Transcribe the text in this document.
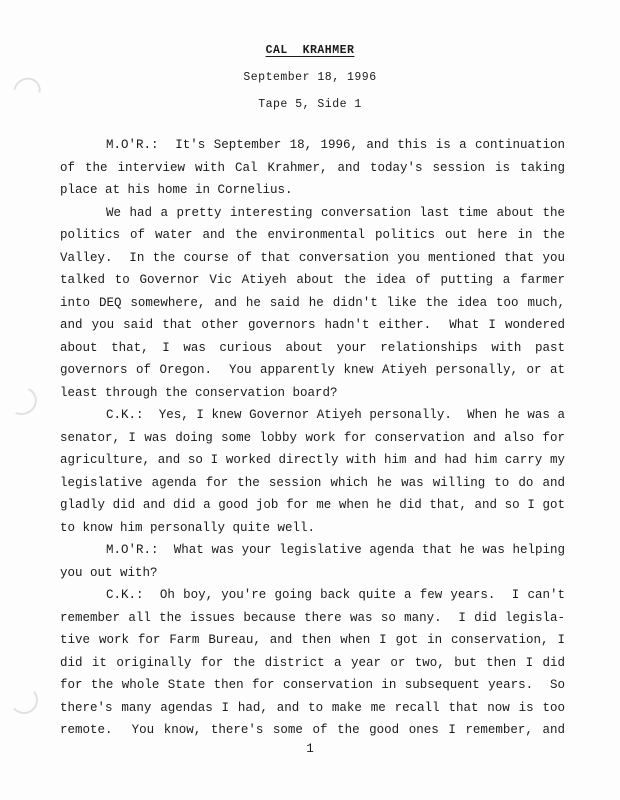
CAL  KRAHMER
September 18, 1996
Tape 5, Side 1
M.O'R.:  It's September 18, 1996, and this is a continuation
of the interview with Cal Krahmer, and today's session is taking
place at his home in Cornelius.
We had a pretty interesting conversation last time about the
politics of water and the environmental politics out here in the
Valley.  In the course of that conversation you mentioned that you
talked to Governor Vic Atiyeh about the idea of putting a farmer
into DEQ somewhere, and he said he didn't like the idea too much,
and you said that other governors hadn't either.  What I wondered
about that, I was curious about your relationships with past
governors of Oregon.  You apparently knew Atiyeh personally, or at
least through the conservation board?
C.K.:  Yes, I knew Governor Atiyeh personally.  When he was a
senator, I was doing some lobby work for conservation and also for
agriculture, and so I worked directly with him and had him carry my
legislative agenda for the session which he was willing to do and
gladly did and did a good job for me when he did that, and so I got
to know him personally quite well.
M.O'R.:  What was your legislative agenda that he was helping
you out with?
C.K.:  Oh boy, you're going back quite a few years.  I can't
remember all the issues because there was so many.  I did legisla-
tive work for Farm Bureau, and then when I got in conservation, I
did it originally for the district a year or two, but then I did
for the whole State then for conservation in subsequent years.  So
there's many agendas I had, and to make me recall that now is too
remote.  You know, there's some of the good ones I remember, and
1
